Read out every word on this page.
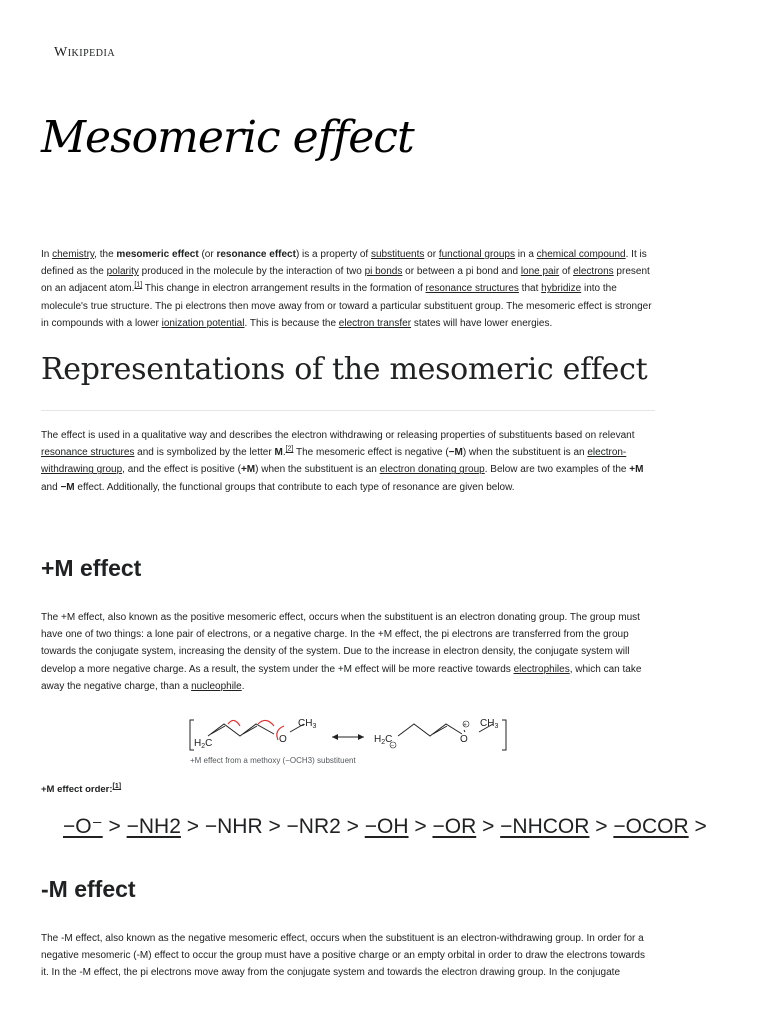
Wikipedia
Mesomeric effect

In chemistry, the mesomeric effect (or resonance effect) is a property of substituents or functional groups in a chemical compound. It is defined as the polarity produced in the molecule by the interaction of two pi bonds or between a pi bond and lone pair of electrons present on an adjacent atom.[1] This change in electron arrangement results in the formation of resonance structures that hybridize into the molecule's true structure. The pi electrons then move away from or toward a particular substituent group. The mesomeric effect is stronger in compounds with a lower ionization potential. This is because the electron transfer states will have lower energies.

Representations of the mesomeric effect

The effect is used in a qualitative way and describes the electron withdrawing or releasing properties of substituents based on relevant resonance structures and is symbolized by the letter M.[2] The mesomeric effect is negative (−M) when the substituent is an electron-withdrawing group, and the effect is positive (+M) when the substituent is an electron donating group. Below are two examples of the +M and −M effect. Additionally, the functional groups that contribute to each type of resonance are given below.

+M effect

The +M effect, also known as the positive mesomeric effect, occurs when the substituent is an electron donating group. The group must have one of two things: a lone pair of electrons, or a negative charge. In the +M effect, the pi electrons are transferred from the group towards the conjugate system, increasing the density of the system. Due to the increase in electron density, the conjugate system will develop a more negative charge. As a result, the system under the +M effect will be more reactive towards electrophiles, which can take away the negative charge, than a nucleophile.

$H_2C$	O
$CH_3$
$H_2C$
−
O
+ $CH_3$
+M effect from a methoxy (−OCH3) substituent
+M effect order:[1]
−O⁻ > −NH2 > −NHR > −NR2 > −OH > −OR > −NHCOR > −OCOR >
-M effect

The -M effect, also known as the negative mesomeric effect, occurs when the substituent is an electron-withdrawing group. In order for a negative mesomeric (-M) effect to occur the group must have a positive charge or an empty orbital in order to draw the electrons towards it. In the -M effect, the pi electrons move away from the conjugate system and towards the electron drawing group. In the conjugate
